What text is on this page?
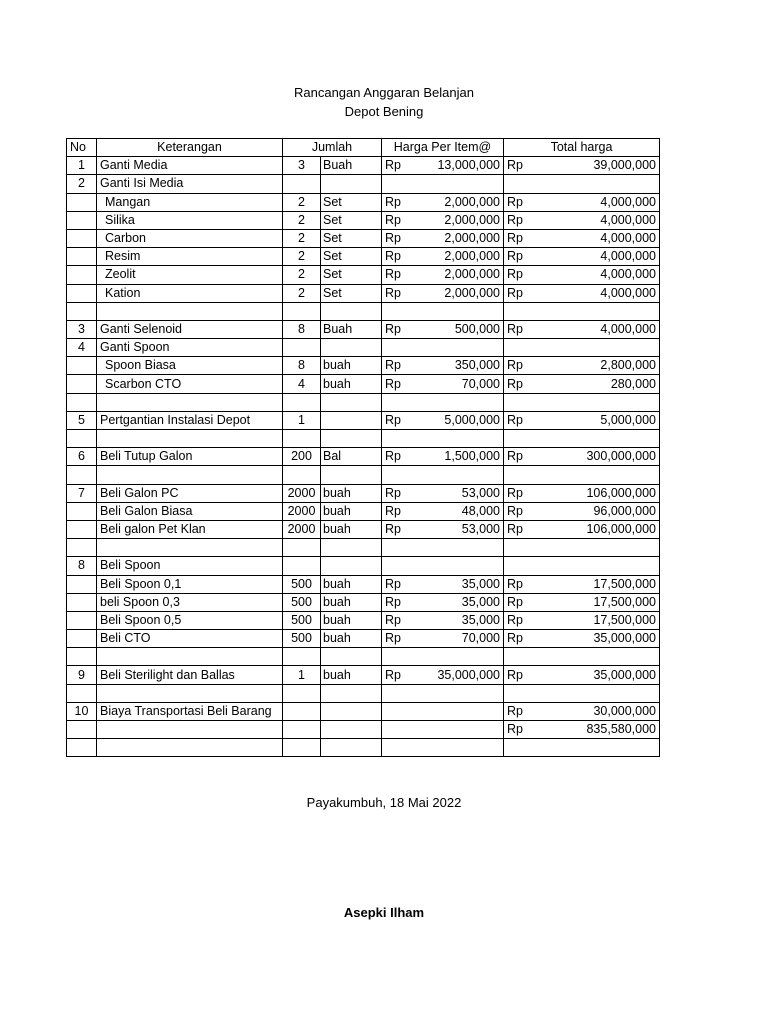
Rancangan Anggaran Belanjan
Depot Bening
No	Keterangan	Jumlah		Harga Per Item@	Total harga
1	Ganti Media	3	Buah	Rp 13,000,000	Rp 39,000,000

2	Ganti Isi Media				
	Mangan	2	Set	Rp 2,000,000	Rp 4,000,000

	Silika	2	Set	Rp 2,000,000	Rp 4,000,000

	Carbon	2	Set	Rp 2,000,000	Rp 4,000,000

	Resim	2	Set	Rp 2,000,000	Rp 4,000,000

	Zeolit	2	Set	Rp 2,000,000	Rp 4,000,000

	Kation	2	Set	Rp 2,000,000	Rp 4,000,000

3	Ganti Selenoid	8	Buah	Rp 500,000	Rp 4,000,000

4	Ganti Spoon				
	Spoon Biasa	8	buah	Rp 350,000	Rp 2,800,000

	Scarbon CTO	4	buah	Rp 70,000	Rp 280,000

5	Pertgantian Instalasi Depot	1		Rp 5,000,000	Rp 5,000,000

6	Beli Tutup Galon	200	Bal	Rp 1,500,000	Rp 300,000,000

7	Beli Galon PC	2000	buah	Rp 53,000	Rp 106,000,000

	Beli Galon Biasa	2000	buah	Rp 48,000	Rp 96,000,000

	Beli galon Pet Klan	2000	buah	Rp 53,000	Rp 106,000,000

8	Beli Spoon				
	Beli Spoon 0,1	500	buah	Rp 35,000	Rp 17,500,000

	beli Spoon 0,3	500	buah	Rp 35,000	Rp 17,500,000

	Beli Spoon 0,5	500	buah	Rp 35,000	Rp 17,500,000

	Beli CTO	500	buah	Rp 70,000	Rp 35,000,000

9	Beli Sterilight dan Ballas	1	buah	Rp 35,000,000	Rp 35,000,000

10	Biaya Transportasi Beli Barang				Rp 30,000,000

					Rp 835,580,000

Payakumbuh, 18 Mai 2022
Asepki Ilham
